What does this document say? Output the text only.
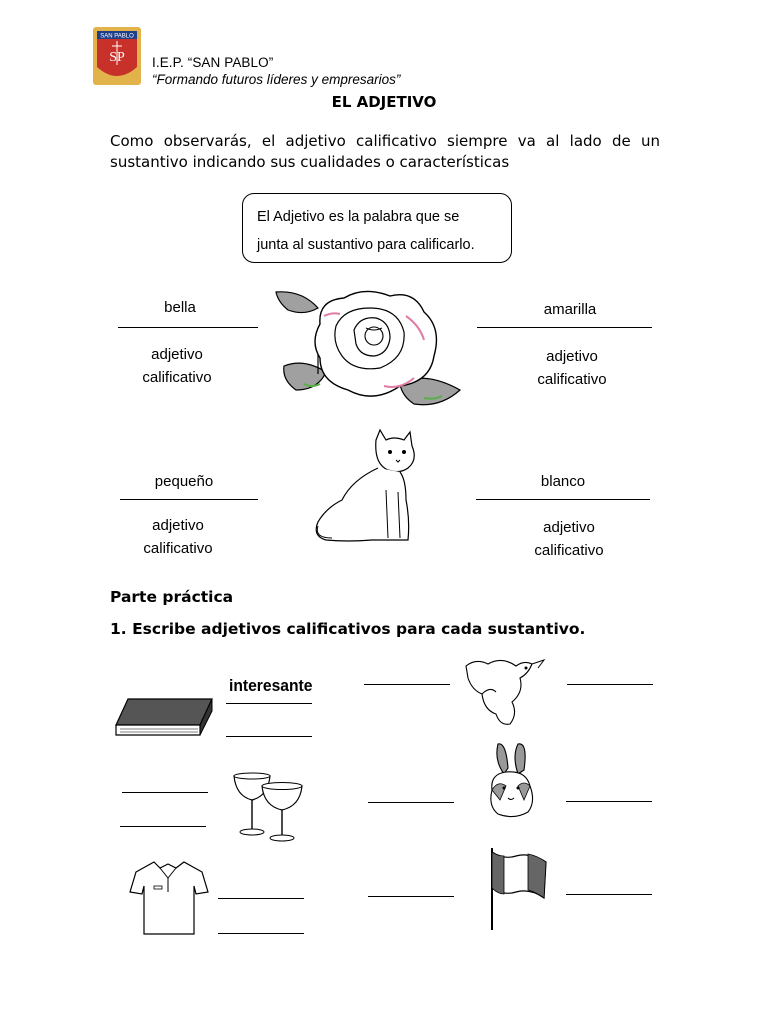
SAN PABLO
SP I.E.P. “SAN PABLO”
“Formando futuros líderes y empresarios”
EL ADJETIVO
Como observarás, el adjetivo calificativo siempre va al lado de un sustantivo indicando sus cualidades o características
El Adjetivo es la palabra que se
junta al sustantivo para calificarlo.
bella
adjetivo
calificativo
amarilla
adjetivo
calificativo
pequeño
adjetivo
calificativo
blanco
adjetivo
calificativo
Parte práctica
1. Escribe adjetivos calificativos para cada sustantivo.
interesante
